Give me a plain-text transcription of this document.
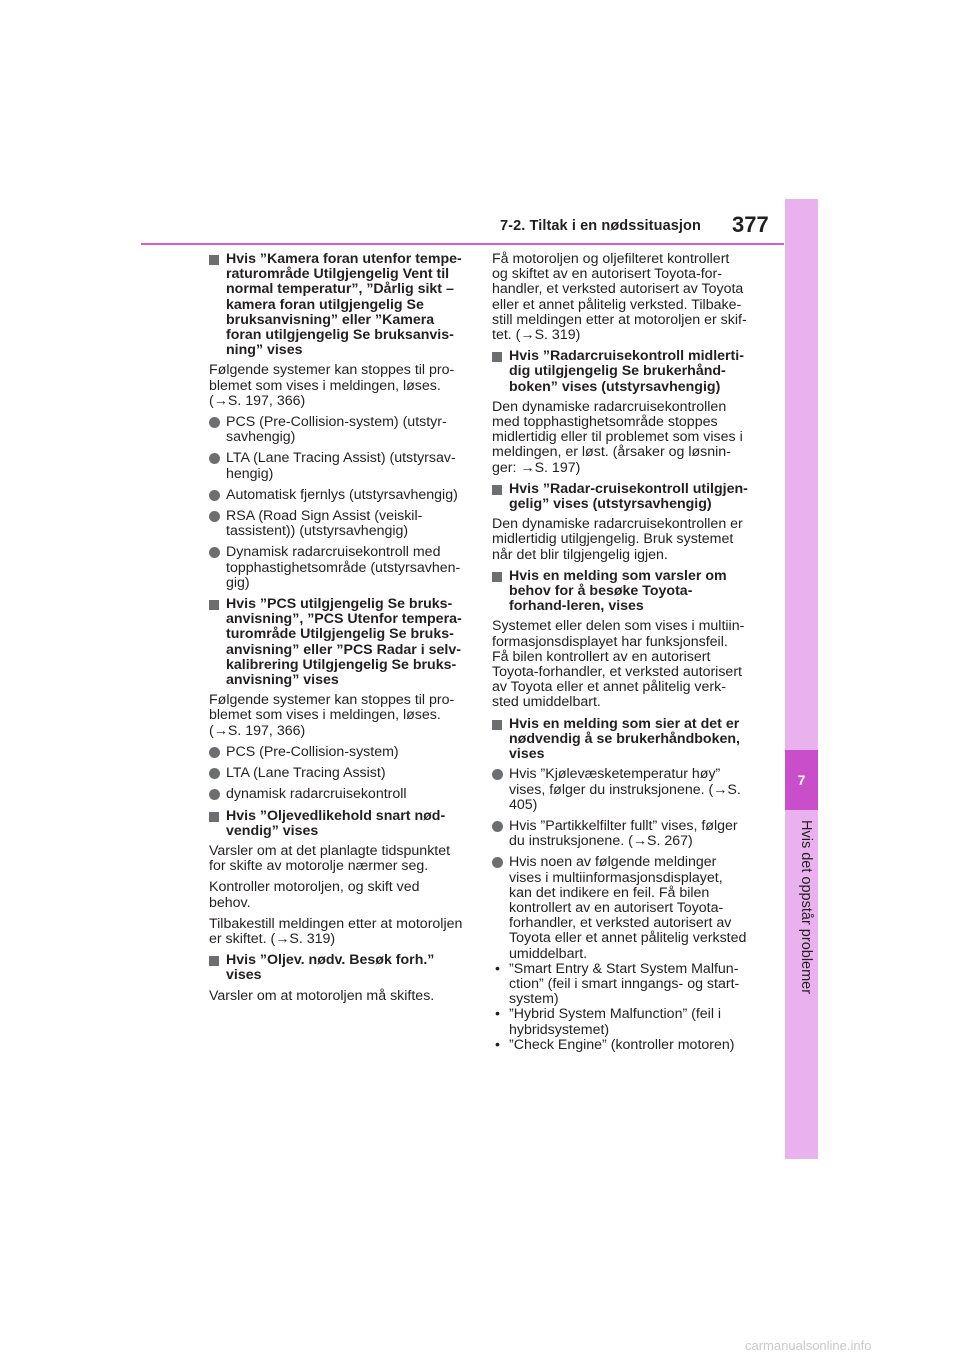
7-2. Tiltak i en nødssituasjon 377
7
Hvis det oppstår problemer
Hvis ”Kamera foran utenfor tempe-raturområde Utilgjengelig Vent til normal temperatur”, ”Dårlig sikt – kamera foran utilgjengelig Se bruksanvisning” eller ”Kamera foran utilgjengelig Se bruksanvis-ning” vises

Følgende systemer kan stoppes til pro-blemet som vises i meldingen, løses. (→S. 197, 366)

PCS (Pre-Collision-system) (utstyr-savhengig)
LTA (Lane Tracing Assist) (utstyrsav-hengig)
Automatisk fjernlys (utstyrsavhengig)
RSA (Road Sign Assist (veiskil-tassistent)) (utstyrsavhengig)
Dynamisk radarcruisekontroll med topphastighetsområde (utstyrsavhen-gig)
Hvis ”PCS utilgjengelig Se bruks-anvisning”, ”PCS Utenfor tempera-turområde Utilgjengelig Se bruks-anvisning” eller ”PCS Radar i selv-kalibrering Utilgjengelig Se bruks-anvisning” vises

Følgende systemer kan stoppes til pro-blemet som vises i meldingen, løses. (→S. 197, 366)

PCS (Pre-Collision-system)
LTA (Lane Tracing Assist)
dynamisk radarcruisekontroll
Hvis ”Oljevedlikehold snart nød-vendig” vises

Varsler om at det planlagte tidspunktet for skifte av motorolje nærmer seg.

Kontroller motoroljen, og skift ved behov.

Tilbakestill meldingen etter at motoroljen er skiftet. (→S. 319)

Hvis ”Oljev. nødv. Besøk forh.” vises

Varsler om at motoroljen må skiftes.

Få motoroljen og oljefilteret kontrollert og skiftet av en autorisert Toyota-for-handler, et verksted autorisert av Toyota eller et annet pålitelig verksted. Tilbake-still meldingen etter at motoroljen er skif-tet. (→S. 319)

Hvis ”Radarcruisekontroll midlerti-dig utilgjengelig Se brukerhånd-boken” vises (utstyrsavhengig)

Den dynamiske radarcruisekontrollen med topphastighetsområde stoppes midlertidig eller til problemet som vises i meldingen, er løst. (årsaker og løsnin-ger: →S. 197)

Hvis ”Radar-cruisekontroll utilgjen-gelig” vises (utstyrsavhengig)

Den dynamiske radarcruisekontrollen er midlertidig utilgjengelig. Bruk systemet når det blir tilgjengelig igjen.

Hvis en melding som varsler om behov for å besøke Toyota-forhand-leren, vises

Systemet eller delen som vises i multiin-formasjonsdisplayet har funksjonsfeil. Få bilen kontrollert av en autorisert Toyota-forhandler, et verksted autorisert av Toyota eller et annet pålitelig verk-sted umiddelbart.

Hvis en melding som sier at det er nødvendig å se brukerhåndboken, vises
Hvis ”Kjølevæsketemperatur høy” vises, følger du instruksjonene. (→S. 405)
Hvis ”Partikkelfilter fullt” vises, følger du instruksjonene. (→S. 267)
Hvis noen av følgende meldinger vises i multiinformasjonsdisplayet, kan det indikere en feil. Få bilen kontrollert av en autorisert Toyota-forhandler, et verksted autorisert av Toyota eller et annet pålitelig verksted umiddelbart.
• ”Smart Entry & Start System Malfun-ction” (feil i smart inngangs- og start-system)
• ”Hybrid System Malfunction” (feil i hybridsystemet)
• ”Check Engine” (kontroller motoren)
carmanualsonline.info
